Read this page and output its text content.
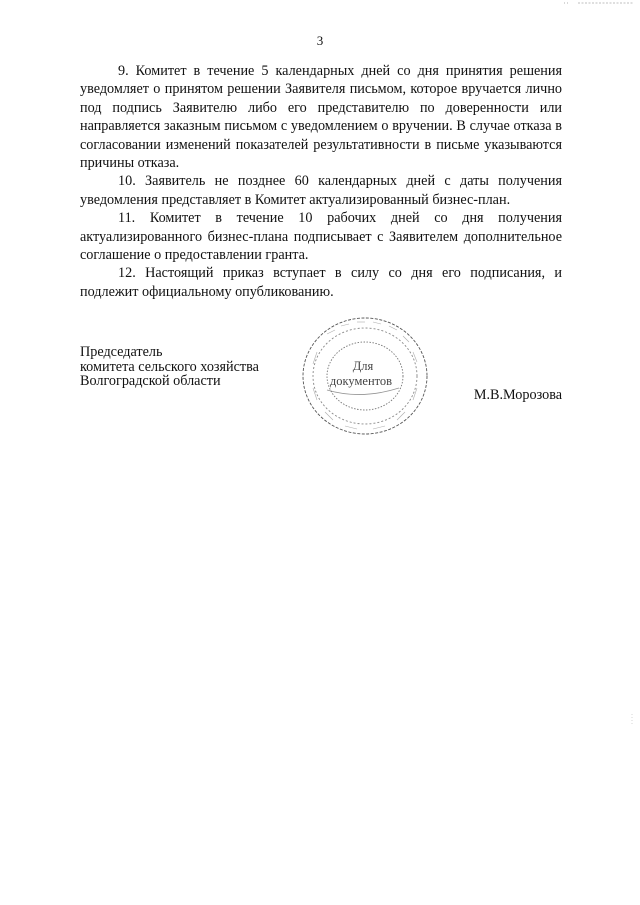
3

9. Комитет в течение 5 календарных дней со дня принятия решения уведомляет о принятом решении Заявителя письмом, которое вручается лично под подпись Заявителю либо его представителю по доверенности или направляется заказным письмом с уведомлением о вручении. В случае отказа в согласовании изменений показателей результативности в письме указываются причины отказа.

10. Заявитель не позднее 60 календарных дней с даты получения уведомления представляет в Комитет актуализированный бизнес-план.

11. Комитет в течение 10 рабочих дней со дня получения актуализированного бизнес-плана подписывает с Заявителем дополнительное соглашение о предоставлении гранта.

12. Настоящий приказ вступает в силу со дня его подписания, и подлежит официальному опубликованию.

Председатель
комитета сельского хозяйства
Волгоградской области
М.В.Морозова
Для
документов
